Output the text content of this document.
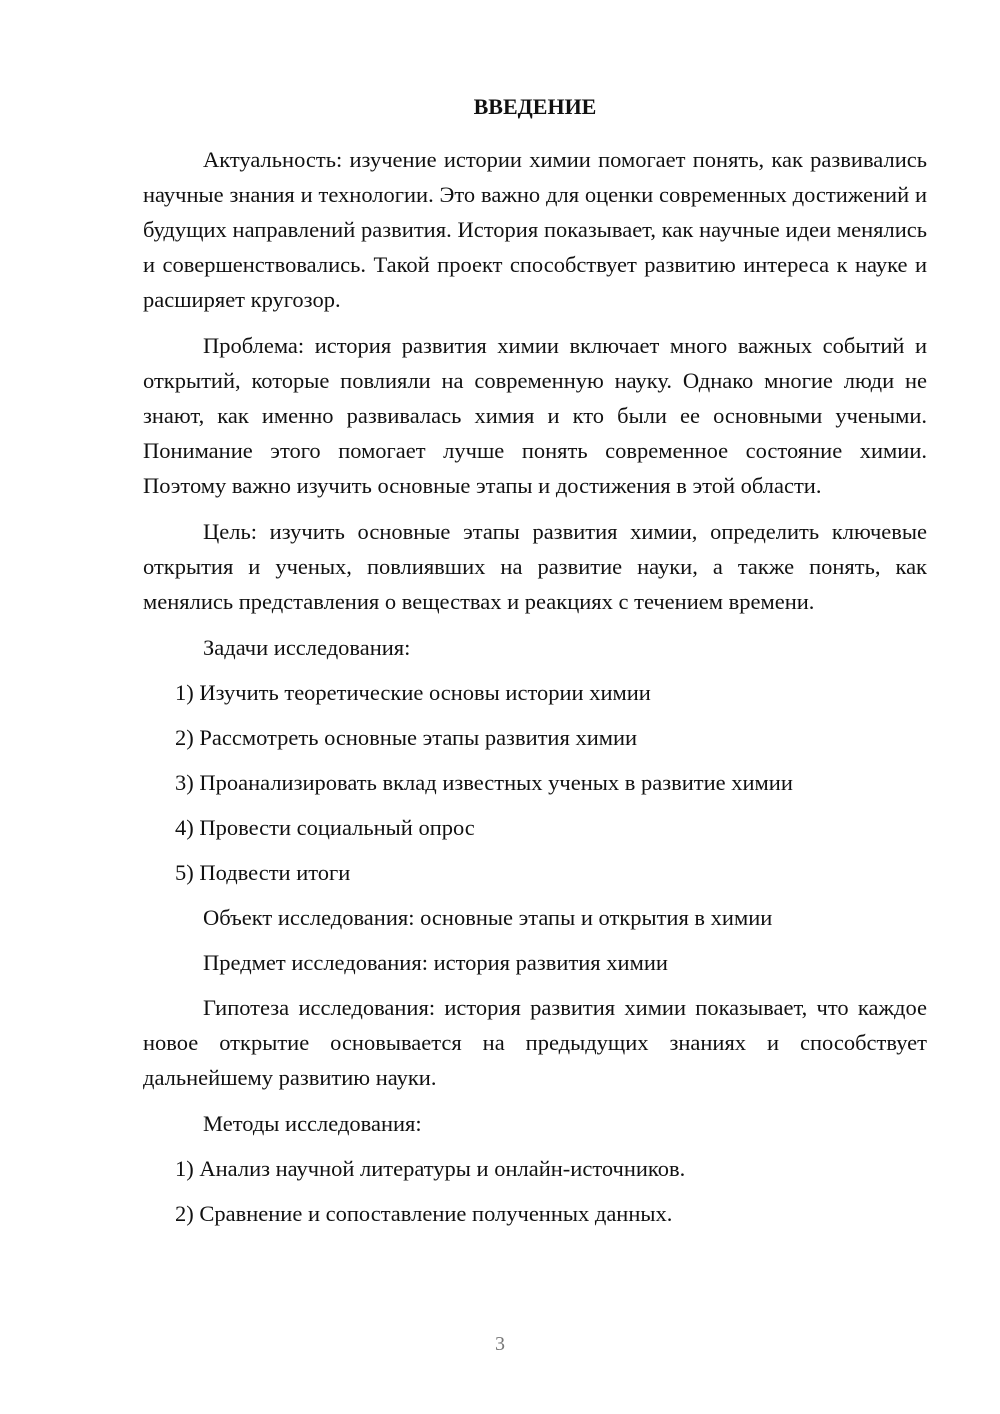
ВВЕДЕНИЕ

Актуальность: изучение истории химии помогает понять, как развивались научные знания и технологии. Это важно для оценки современных достижений и будущих направлений развития. История показывает, как научные идеи менялись и совершенствовались. Такой проект способствует развитию интереса к науке и расширяет кругозор.

Проблема: история развития химии включает много важных событий и открытий, которые повлияли на современную науку. Однако многие люди не знают, как именно развивалась химия и кто были ее основными учеными. Понимание этого помогает лучше понять современное состояние химии. Поэтому важно изучить основные этапы и достижения в этой области.

Цель: изучить основные этапы развития химии, определить ключевые открытия и ученых, повлиявших на развитие науки, а также понять, как менялись представления о веществах и реакциях с течением времени.

Задачи исследования:
1) Изучить теоретические основы истории химии
2) Рассмотреть основные этапы развития химии
3) Проанализировать вклад известных ученых в развитие химии
4) Провести социальный опрос
5) Подвести итоги
Объект исследования: основные этапы и открытия в химии
Предмет исследования: история развития химии

Гипотеза исследования: история развития химии показывает, что каждое новое открытие основывается на предыдущих знаниях и способствует дальнейшему развитию науки.

Методы исследования:
1) Анализ научной литературы и онлайн-источников.
2) Сравнение и сопоставление полученных данных.
3
